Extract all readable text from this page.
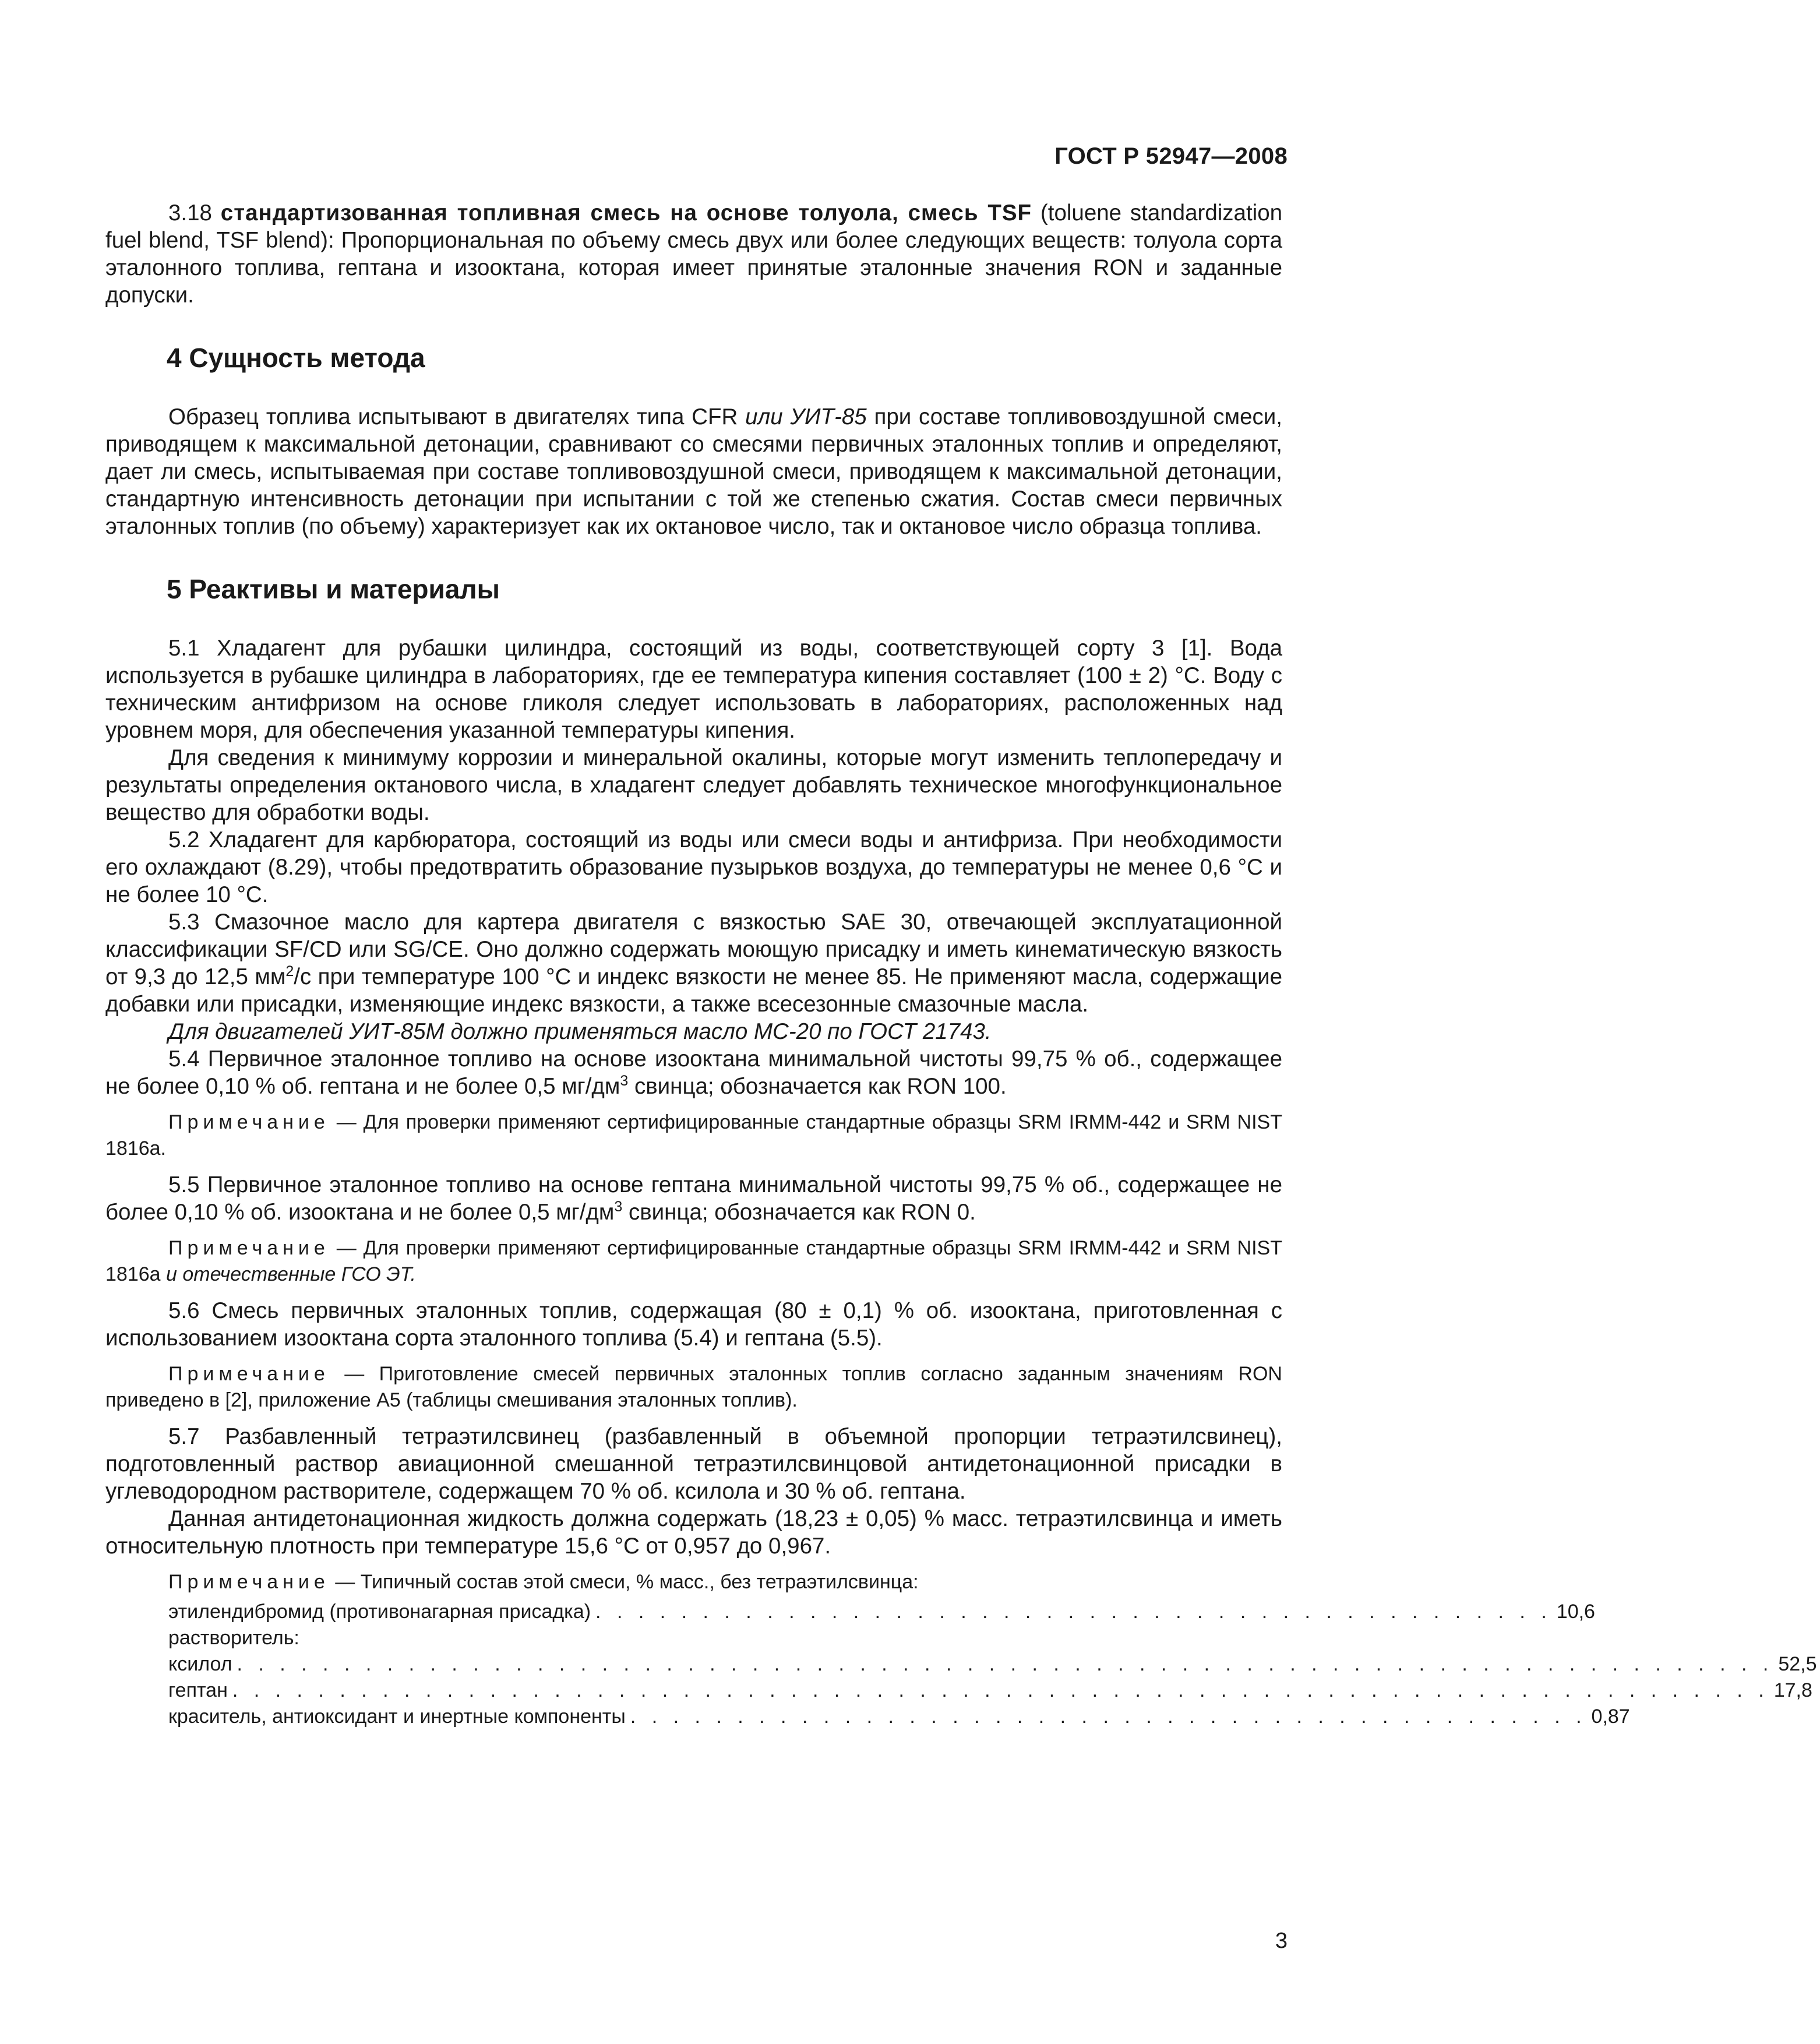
ГОСТ Р 52947—2008

3.18 стандартизованная топливная смесь на основе толуола, смесь TSF (toluene standardization fuel blend, TSF blend): Пропорциональная по объему смесь двух или более следующих веществ: толуола сорта эталонного топлива, гептана и изооктана, которая имеет принятые эталонные значения RON и заданные допуски.

4 Сущность метода

Образец топлива испытывают в двигателях типа CFR или УИТ-85 при составе топливовоздушной смеси, приводящем к максимальной детонации, сравнивают со смесями первичных эталонных топлив и определяют, дает ли смесь, испытываемая при составе топливовоздушной смеси, приводящем к максимальной детонации, стандартную интенсивность детонации при испытании с той же степенью сжатия. Состав смеси первичных эталонных топлив (по объему) характеризует как их октановое число, так и октановое число образца топлива.

5 Реактивы и материалы

5.1 Хладагент для рубашки цилиндра, состоящий из воды, соответствующей сорту 3 [1]. Вода используется в рубашке цилиндра в лабораториях, где ее температура кипения составляет (100 ± 2) °С. Воду с техническим антифризом на основе гликоля следует использовать в лабораториях, расположенных над уровнем моря, для обеспечения указанной температуры кипения.

Для сведения к минимуму коррозии и минеральной окалины, которые могут изменить теплопередачу и результаты определения октанового числа, в хладагент следует добавлять техническое многофункциональное вещество для обработки воды.

5.2 Хладагент для карбюратора, состоящий из воды или смеси воды и антифриза. При необходимости его охлаждают (8.29), чтобы предотвратить образование пузырьков воздуха, до температуры не менее 0,6 °С и не более 10 °С.

5.3 Смазочное масло для картера двигателя с вязкостью SAE 30, отвечающей эксплуатационной классификации SF/CD или SG/CE. Оно должно содержать моющую присадку и иметь кинематическую вязкость от 9,3 до 12,5 $мм^2/с$ при температуре 100 °С и индекс вязкости не менее 85. Не применяют масла, содержащие добавки или присадки, изменяющие индекс вязкости, а также всесезонные смазочные масла.

Для двигателей УИТ-85М должно применяться масло МС-20 по ГОСТ 21743.

5.4 Первичное эталонное топливо на основе изооктана минимальной чистоты 99,75 % об., содержащее не более 0,10 % об. гептана и не более 0,5 $мг/дм^3$ свинца; обозначается как RON 100.

Примечание — Для проверки применяют сертифицированные стандартные образцы SRM IRMM-442 и SRM NIST 1816a.

5.5 Первичное эталонное топливо на основе гептана минимальной чистоты 99,75 % об., содержащее не более 0,10 % об. изооктана и не более 0,5 $мг/дм^3$ свинца; обозначается как RON 0.

Примечание — Для проверки применяют сертифицированные стандартные образцы SRM IRMM-442 и SRM NIST 1816a и отечественные ГСО ЭТ.

5.6 Смесь первичных эталонных топлив, содержащая (80 ± 0,1) % об. изооктана, приготовленная с использованием изооктана сорта эталонного топлива (5.4) и гептана (5.5).

Примечание — Приготовление смесей первичных эталонных топлив согласно заданным значениям RON приведено в [2], приложение А5 (таблицы смешивания эталонных топлив).

5.7 Разбавленный тетраэтилсвинец (разбавленный в объемной пропорции тетраэтилсвинец), подготовленный раствор авиационной смешанной тетраэтилсвинцовой антидетонационной присадки в углеводородном растворителе, содержащем 70 % об. ксилола и 30 % об. гептана.

Данная антидетонационная жидкость должна содержать (18,23 ± 0,05) % масс. тетраэтилсвинца и иметь относительную плотность при температуре 15,6 °С от 0,957 до 0,967.

Примечание — Типичный состав этой смеси, % масс., без тетраэтилсвинца:

этилендибромид (противонагарная присадка) . . . . . . . . . . . . . . . . . . . . . . . . . . . . . . . . . . . . . . . . . . . . . 10,6
растворитель:
ксилол . . . . . . . . . . . . . . . . . . . . . . . . . . . . . . . . . . . . . . . . . . . . . . . . . . . . . . . . . . . . . . . . . . . . . . . . 52,5
гептан . . . . . . . . . . . . . . . . . . . . . . . . . . . . . . . . . . . . . . . . . . . . . . . . . . . . . . . . . . . . . . . . . . . . . . . . 17,8
краситель, антиоксидант и инертные компоненты . . . . . . . . . . . . . . . . . . . . . . . . . . . . . . . . . . . . . . . . . . . . . 0,87
3
